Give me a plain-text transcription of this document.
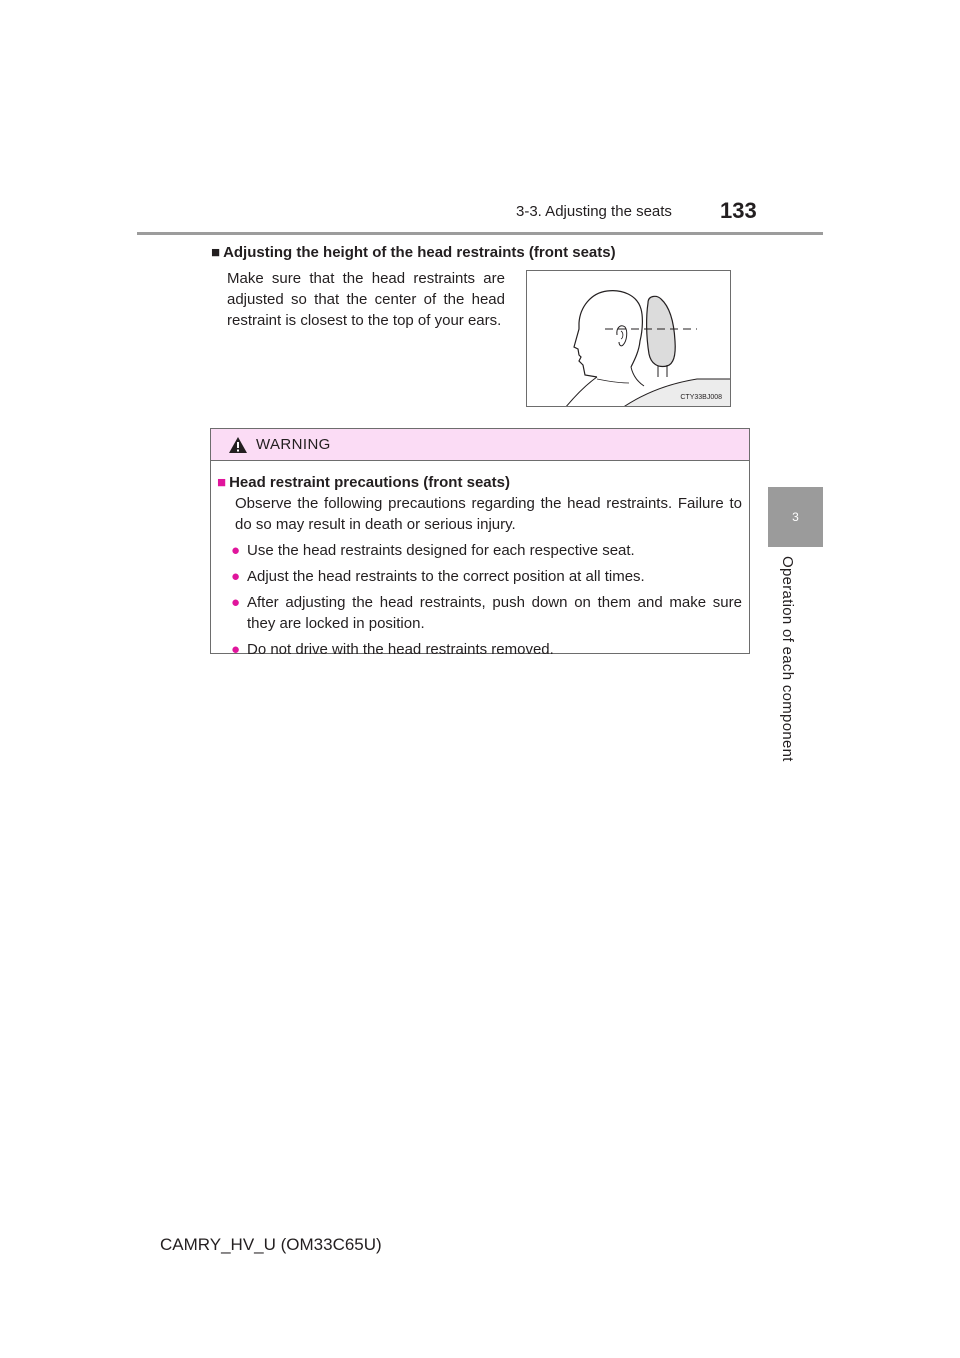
3-3. Adjusting the seats 133
3
Operation of each component
■ Adjusting the height of the head restraints (front seats)
Make sure that the head restraints are adjusted so that the center of the head restraint is closest to the top of your ears.
CTY33BJ008
WARNING
■ Head restraint precautions (front seats)
Observe the following precautions regarding the head restraints. Failure to do so may result in death or serious injury.
● Use the head restraints designed for each respective seat.
● Adjust the head restraints to the correct position at all times.
● After adjusting the head restraints, push down on them and make sure they are locked in position.
● Do not drive with the head restraints removed.
CAMRY_HV_U (OM33C65U)
